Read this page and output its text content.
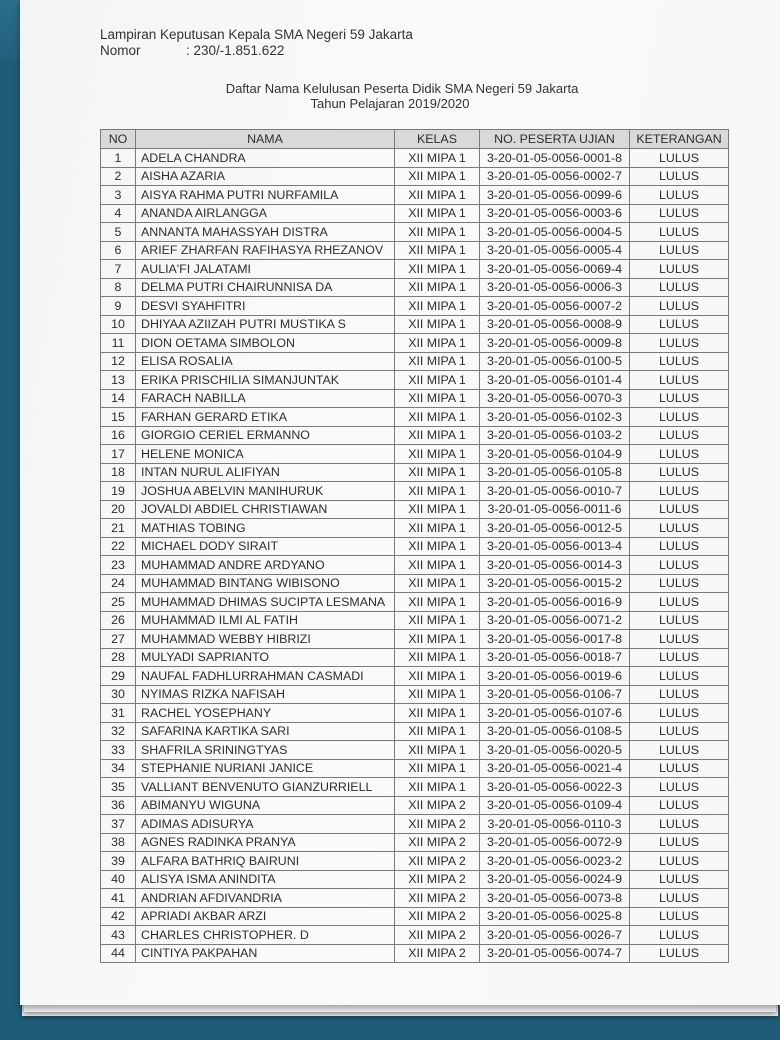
Lampiran Keputusan Kepala SMA Negeri 59 Jakarta
Nomor	: 230/-1.851.622
Daftar Nama Kelulusan Peserta Didik SMA Negeri 59 Jakarta
Tahun Pelajaran 2019/2020
NO	NAMA	KELAS	NO. PESERTA UJIAN	KETERANGAN
1	ADELA CHANDRA	XII MIPA 1	3-20-01-05-0056-0001-8	LULUS
2	AISHA AZARIA	XII MIPA 1	3-20-01-05-0056-0002-7	LULUS
3	AISYA RAHMA PUTRI NURFAMILA	XII MIPA 1	3-20-01-05-0056-0099-6	LULUS
4	ANANDA AIRLANGGA	XII MIPA 1	3-20-01-05-0056-0003-6	LULUS
5	ANNANTA MAHASSYAH DISTRA	XII MIPA 1	3-20-01-05-0056-0004-5	LULUS
6	ARIEF ZHARFAN RAFIHASYA RHEZANOV	XII MIPA 1	3-20-01-05-0056-0005-4	LULUS
7	AULIA'FI JALATAMI	XII MIPA 1	3-20-01-05-0056-0069-4	LULUS
8	DELMA PUTRI CHAIRUNNISA DA	XII MIPA 1	3-20-01-05-0056-0006-3	LULUS
9	DESVI SYAHFITRI	XII MIPA 1	3-20-01-05-0056-0007-2	LULUS
10	DHIYAA AZIIZAH PUTRI MUSTIKA S	XII MIPA 1	3-20-01-05-0056-0008-9	LULUS
11	DION OETAMA SIMBOLON	XII MIPA 1	3-20-01-05-0056-0009-8	LULUS
12	ELISA ROSALIA	XII MIPA 1	3-20-01-05-0056-0100-5	LULUS
13	ERIKA PRISCHILIA SIMANJUNTAK	XII MIPA 1	3-20-01-05-0056-0101-4	LULUS
14	FARACH NABILLA	XII MIPA 1	3-20-01-05-0056-0070-3	LULUS
15	FARHAN GERARD ETIKA	XII MIPA 1	3-20-01-05-0056-0102-3	LULUS
16	GIORGIO CERIEL ERMANNO	XII MIPA 1	3-20-01-05-0056-0103-2	LULUS
17	HELENE MONICA	XII MIPA 1	3-20-01-05-0056-0104-9	LULUS
18	INTAN NURUL ALIFIYAN	XII MIPA 1	3-20-01-05-0056-0105-8	LULUS
19	JOSHUA ABELVIN MANIHURUK	XII MIPA 1	3-20-01-05-0056-0010-7	LULUS
20	JOVALDI ABDIEL CHRISTIAWAN	XII MIPA 1	3-20-01-05-0056-0011-6	LULUS
21	MATHIAS TOBING	XII MIPA 1	3-20-01-05-0056-0012-5	LULUS
22	MICHAEL DODY SIRAIT	XII MIPA 1	3-20-01-05-0056-0013-4	LULUS
23	MUHAMMAD ANDRE ARDYANO	XII MIPA 1	3-20-01-05-0056-0014-3	LULUS
24	MUHAMMAD BINTANG WIBISONO	XII MIPA 1	3-20-01-05-0056-0015-2	LULUS
25	MUHAMMAD DHIMAS SUCIPTA LESMANA	XII MIPA 1	3-20-01-05-0056-0016-9	LULUS
26	MUHAMMAD ILMI AL FATIH	XII MIPA 1	3-20-01-05-0056-0071-2	LULUS
27	MUHAMMAD WEBBY HIBRIZI	XII MIPA 1	3-20-01-05-0056-0017-8	LULUS
28	MULYADI SAPRIANTO	XII MIPA 1	3-20-01-05-0056-0018-7	LULUS
29	NAUFAL FADHLURRAHMAN CASMADI	XII MIPA 1	3-20-01-05-0056-0019-6	LULUS
30	NYIMAS RIZKA NAFISAH	XII MIPA 1	3-20-01-05-0056-0106-7	LULUS
31	RACHEL YOSEPHANY	XII MIPA 1	3-20-01-05-0056-0107-6	LULUS
32	SAFARINA KARTIKA SARI	XII MIPA 1	3-20-01-05-0056-0108-5	LULUS
33	SHAFRILA SRININGTYAS	XII MIPA 1	3-20-01-05-0056-0020-5	LULUS
34	STEPHANIE NURIANI JANICE	XII MIPA 1	3-20-01-05-0056-0021-4	LULUS
35	VALLIANT BENVENUTO GIANZURRIELL	XII MIPA 1	3-20-01-05-0056-0022-3	LULUS
36	ABIMANYU WIGUNA	XII MIPA 2	3-20-01-05-0056-0109-4	LULUS
37	ADIMAS ADISURYA	XII MIPA 2	3-20-01-05-0056-0110-3	LULUS
38	AGNES RADINKA PRANYA	XII MIPA 2	3-20-01-05-0056-0072-9	LULUS
39	ALFARA BATHRIQ BAIRUNI	XII MIPA 2	3-20-01-05-0056-0023-2	LULUS
40	ALISYA ISMA ANINDITA	XII MIPA 2	3-20-01-05-0056-0024-9	LULUS
41	ANDRIAN AFDIVANDRIA	XII MIPA 2	3-20-01-05-0056-0073-8	LULUS
42	APRIADI AKBAR ARZI	XII MIPA 2	3-20-01-05-0056-0025-8	LULUS
43	CHARLES CHRISTOPHER. D	XII MIPA 2	3-20-01-05-0056-0026-7	LULUS
44	CINTIYA PAKPAHAN	XII MIPA 2	3-20-01-05-0056-0074-7	LULUS
